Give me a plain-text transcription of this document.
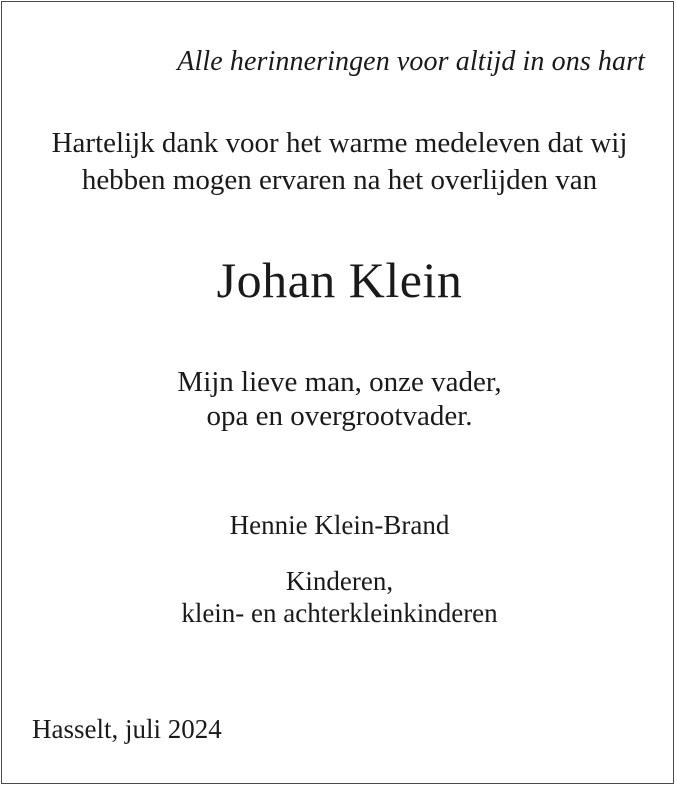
Alle herinneringen voor altijd in ons hart
Hartelijk dank voor het warme medeleven dat wij
hebben mogen ervaren na het overlijden van
Johan Klein
Mijn lieve man, onze vader,
opa en overgrootvader.
Hennie Klein-Brand
Kinderen,
klein- en achterkleinkinderen
Hasselt, juli 2024
